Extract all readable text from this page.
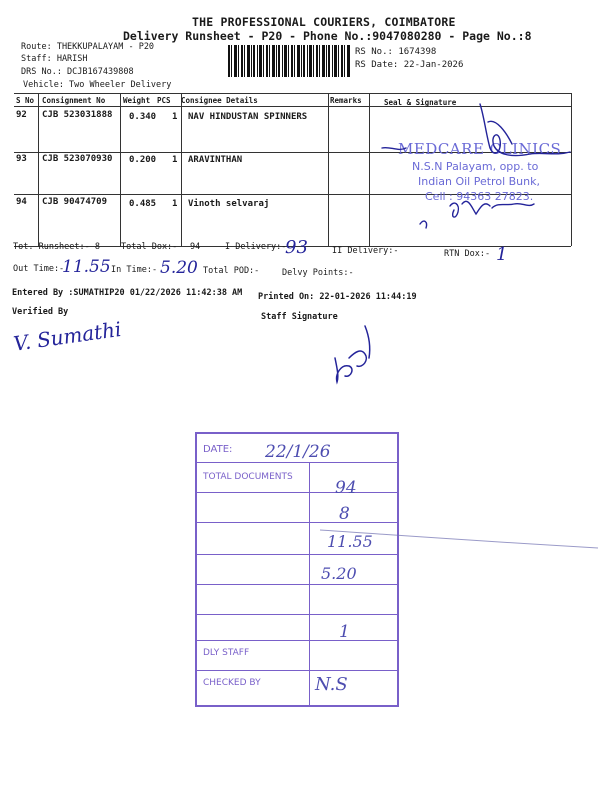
THE PROFESSIONAL COURIERS, COIMBATORE
Delivery Runsheet - P20 - Phone No.:9047080280 - Page No.:8
Route: THEKKUPALAYAM - P20
Staff: HARISH
DRS No.: DCJB167439808
Vehicle: Two Wheeler Delivery
RS No.: 1674398
RS Date: 22-Jan-2026
S No Consignment No Weight PCS Consignee Details	Remarks	Seal & Signature
92 CJB 523031888 0.340 1 NAV HINDUSTAN SPINNERS
93 CJB 523070930 0.200 1 ARAVINTHAN
94 CJB 90474709 0.485 1 Vinoth selvaraj
MEDCARE CLINICS
N.S.N Palayam, opp. to
Indian Oil Petrol Bunk,
Cell : 94363 27823.
Tot. Runsheet:- 8 Total Dox:- 94	I Delivery:-
93	II Delivery:-	RTN Dox:- 1
Out Time:-
11.55 In Time:- 5.20 Total POD:-	Delvy Points:-
Entered By :SUMATHIP20 01/22/2026 11:42:38 AM Printed On: 22-01-2026 11:44:19
Verified By	Staff Signature
V. Sumathi
DATE: 22/1/26
TOTAL DOCUMENTS
94
8
11.55
5.20
1
DLY STAFF
CHECKED BY	N.S
